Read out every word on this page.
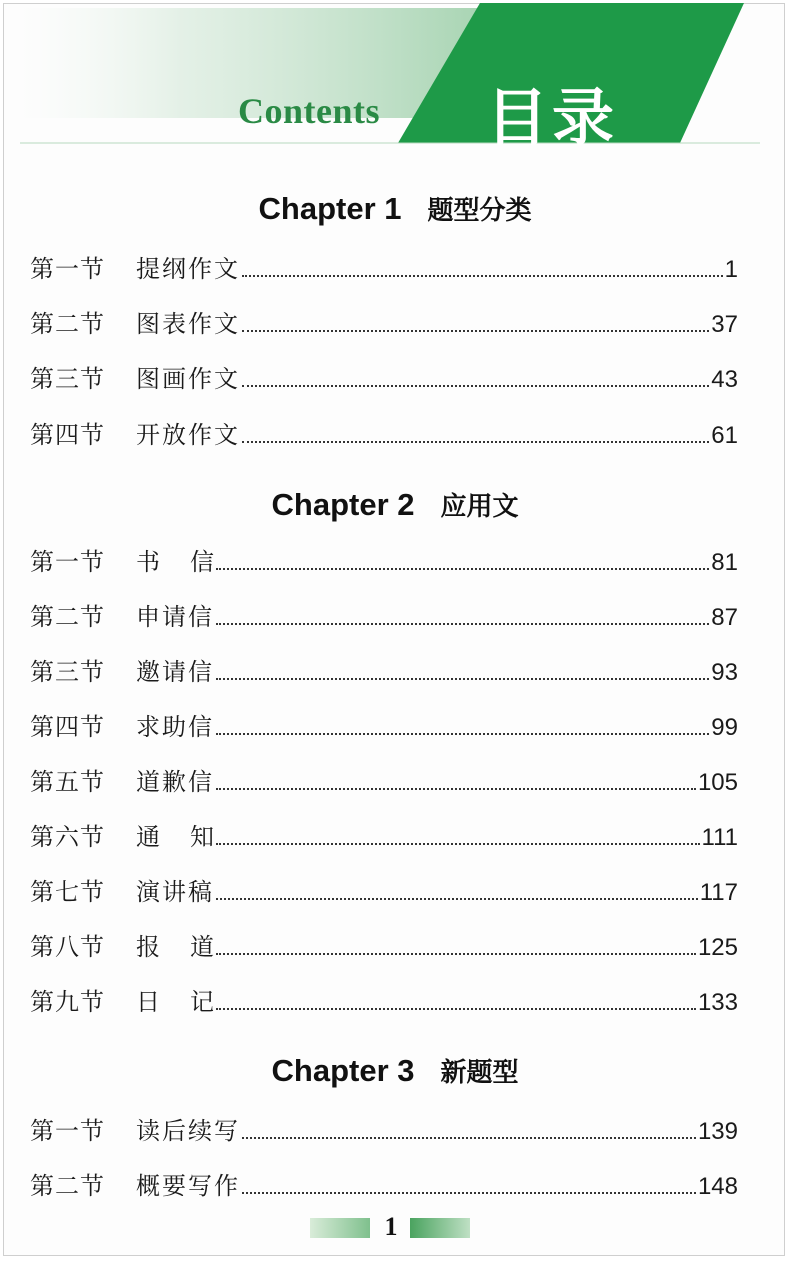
Contents 目录
Chapter 1 题型分类
第一节	提纲作文	1
第二节	图表作文	37
第三节	图画作文	43
第四节	开放作文	61
Chapter 2 应用文
第一节	书 信	81
第二节	申请信	87
第三节	邀请信	93
第四节	求助信	99
第五节	道歉信	105
第六节	通 知	111
第七节	演讲稿	117
第八节	报 道	125
第九节	日 记	133
Chapter 3 新题型
第一节	读后续写	139
第二节	概要写作	148
1
